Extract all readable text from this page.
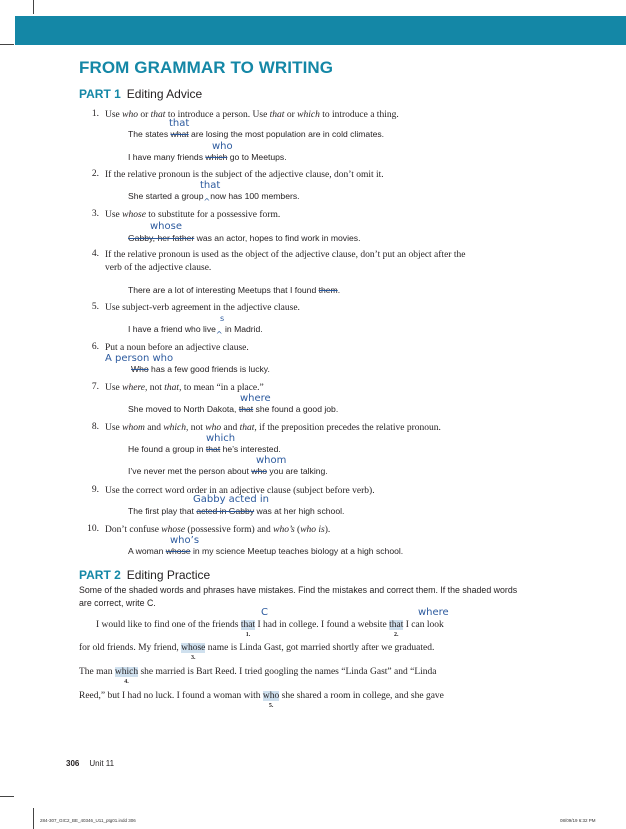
FROM GRAMMAR TO WRITING
PART 1 Editing Advice
1. Use who or that to introduce a person. Use that or which to introduce a thing.
2. If the relative pronoun is the subject of the adjective clause, don’t omit it.
3. Use whose to substitute for a possessive form.
4. If the relative pronoun is used as the object of the adjective clause, don’t put an object after the
verb of the adjective clause.
5. Use subject-verb agreement in the adjective clause.
6. Put a noun before an adjective clause.
7. Use where, not that, to mean “in a place.”
8. Use whom and which, not who and that, if the preposition precedes the relative pronoun.
9. Use the correct word order in an adjective clause (subject before verb).
10. Don’t confuse whose (possessive form) and who’s (who is).
The states what are losing the most population are in cold climates.
that
I have many friends which go to Meetups.
who
She started a group^now has 100 members.
that
Gabby, her father was an actor, hopes to find work in movies.
whose
There are a lot of interesting Meetups that I found them.
I have a friend who live^ in Madrid.
s
Who has a few good friends is lucky.
A person who
She moved to North Dakota, that she found a good job.
where
He found a group in that he’s interested.
which
I’ve never met the person about who you are talking.
whom
The first play that acted in Gabby was at her high school.
Gabby acted in
A woman whose in my science Meetup teaches biology at a high school.
who’s
PART 2 Editing Practice
Some of the shaded words and phrases have mistakes. Find the mistakes and correct them. If the shaded words are correct, write C.
C	where
I would like to find one of the friends that
1.
I had in college. I found a website that
2.
I can look
for old friends. My friend, whose
3.
name is Linda Gast, got married shortly after we graduated.
The man which
4.
she married is Bart Reed. I tried googling the names “Linda Gast” and “Linda
Reed,” but I had no luck. I found a woman with who
5.
she shared a room in college, and she gave
306 Unit 11
284-307_GIC2_BE_40346_U11_ptg01.indd 306	08/09/19 6:32 PM
